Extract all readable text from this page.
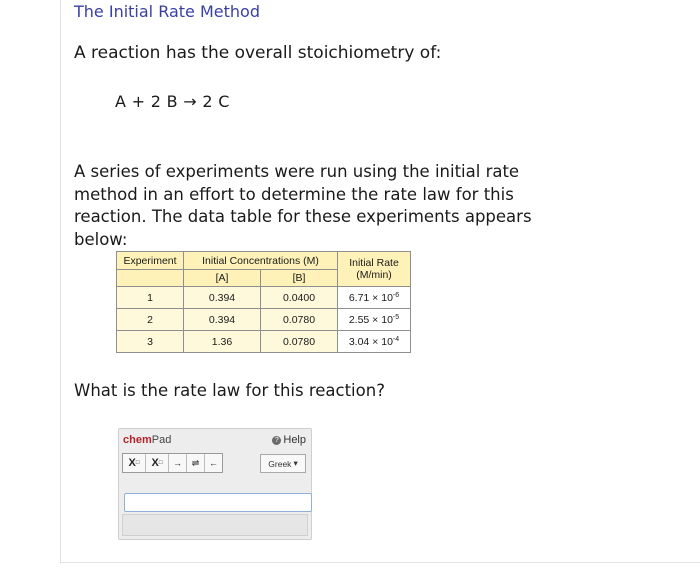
The Initial Rate Method
A reaction has the overall stoichiometry of:
A + 2 B → 2 C
A series of experiments were run using the initial rate method in an effort to determine the rate law for this reaction. The data table for these experiments appears below:
Experiment	Initial Concentrations (M)		Initial Rate
(M/min)

	[A]	[B]	
1	0.394	0.0400	$6.71 \times 10^{-6}$
2	0.394	0.0780	$2.55 \times 10^{-5}$
3	1.36	0.0780	$3.04 \times 10^{-4}$
What is the rate law for this reaction?
chemPad	? Help
X □ X □	→	⇌	←	Greek ▾
